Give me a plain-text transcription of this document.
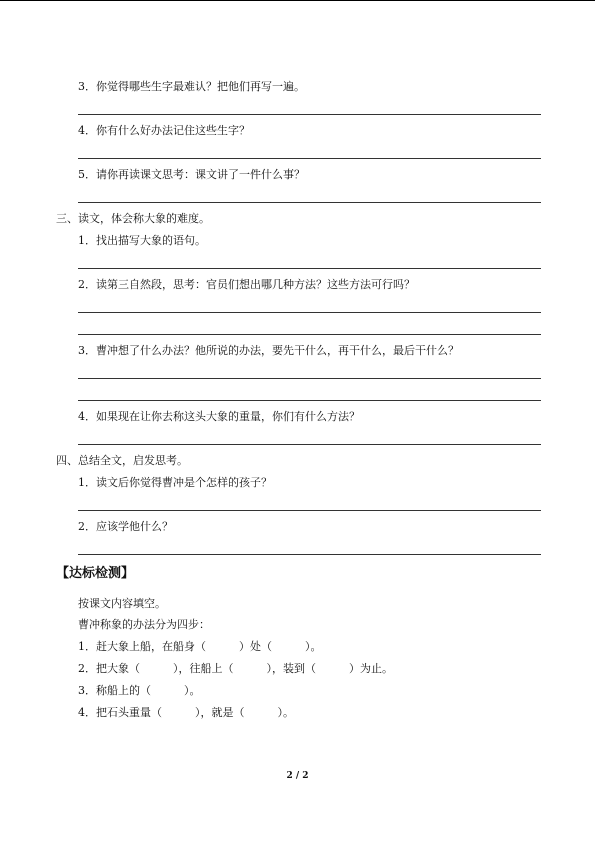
3．你觉得哪些生字最难认？把他们再写一遍。
4．你有什么好办法记住这些生字？
5．请你再读课文思考：课文讲了一件什么事？
三、读文，体会称大象的难度。
1．找出描写大象的语句。
2．读第三自然段，思考：官员们想出哪几种方法？这些方法可行吗？
3．曹冲想了什么办法？他所说的办法，要先干什么，再干什么，最后干什么？
4．如果现在让你去称这头大象的重量，你们有什么方法？
四、总结全文，启发思考。
1．读文后你觉得曹冲是个怎样的孩子？
2．应该学他什么？
【达标检测】
按课文内容填空。
曹冲称象的办法分为四步：
1．赶大象上船，在船身（　　　）处（　　　）。
2．把大象（　　　），往船上（　　　），装到（　　　）为止。
3．称船上的（　　　）。
4．把石头重量（　　　），就是（　　　）。
2 / 2
